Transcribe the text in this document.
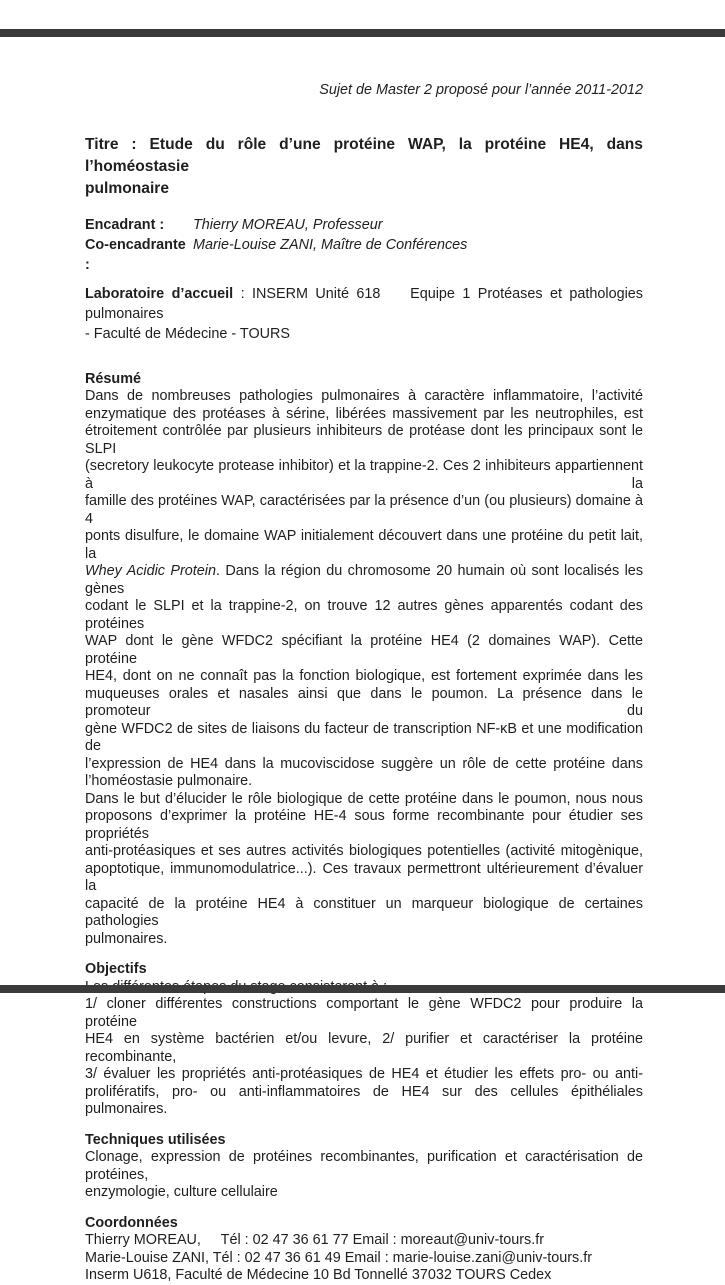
Sujet de Master 2 proposé pour l’année 2011-2012
Titre : Etude du rôle d’une protéine WAP, la protéine HE4, dans l’homéostasie
pulmonaire
Encadrant :	Thierry MOREAU, Professeur
Co-encadrante :
Marie-Louise ZANI, Maître de Conférences
Laboratoire d’accueil : INSERM Unité 618    Equipe 1 Protéases et pathologies pulmonaires
- Faculté de Médecine - TOURS
Résumé
Dans de nombreuses pathologies pulmonaires à caractère inflammatoire, l’activité
enzymatique des protéases à sérine, libérées massivement par les neutrophiles, est
étroitement contrôlée par plusieurs inhibiteurs de protéase dont les principaux sont le SLPI
(secretory leukocyte protease inhibitor) et la trappine-2. Ces 2 inhibiteurs appartiennent à la
famille des protéines WAP, caractérisées par la présence d’un (ou plusieurs) domaine à 4
ponts disulfure, le domaine WAP initialement découvert dans une protéine du petit lait, la
Whey Acidic Protein. Dans la région du chromosome 20 humain où sont localisés les gènes
codant le SLPI et la trappine-2, on trouve 12 autres gènes apparentés codant des protéines
WAP dont le gène WFDC2 spécifiant la protéine HE4 (2 domaines WAP). Cette protéine
HE4, dont on ne connaît pas la fonction biologique, est fortement exprimée dans les
muqueuses orales et nasales ainsi que dans le poumon. La présence dans le promoteur du
gène WFDC2 de sites de liaisons du facteur de transcription NF-κB et une modification de
l’expression de HE4 dans la mucoviscidose suggère un rôle de cette protéine dans
l’homéostasie pulmonaire.
Dans le but d’élucider le rôle biologique de cette protéine dans le poumon, nous nous
proposons d’exprimer la protéine HE-4 sous forme recombinante pour étudier ses propriétés
anti-protéasiques et ses autres activités biologiques potentielles (activité mitogènique,
apoptotique, immunomodulatrice...). Ces travaux permettront ultérieurement d’évaluer la
capacité de la protéine HE4 à constituer un marqueur biologique de certaines pathologies
pulmonaires.
Objectifs
1/ cloner différentes constructions comportant le gène WFDC2 pour produire la protéine
HE4 en système bactérien et/ou levure, 2/ purifier et caractériser la protéine recombinante,
3/ évaluer les propriétés anti-protéasiques de HE4 et étudier les effets pro- ou anti-
prolifératifs, pro- ou anti-inflammatoires de HE4 sur des cellules épithéliales pulmonaires.
Techniques utilisées
Clonage, expression de protéines recombinantes, purification et caractérisation de protéines,
enzymologie, culture cellulaire
Coordonnées
Thierry MOREAU,     Tél : 02 47 36 61 77 Email : moreaut@univ-tours.fr
Marie-Louise ZANI, Tél : 02 47 36 61 49 Email : marie-louise.zani@univ-tours.fr
Inserm U618, Faculté de Médecine 10 Bd Tonnellé 37032 TOURS Cedex
